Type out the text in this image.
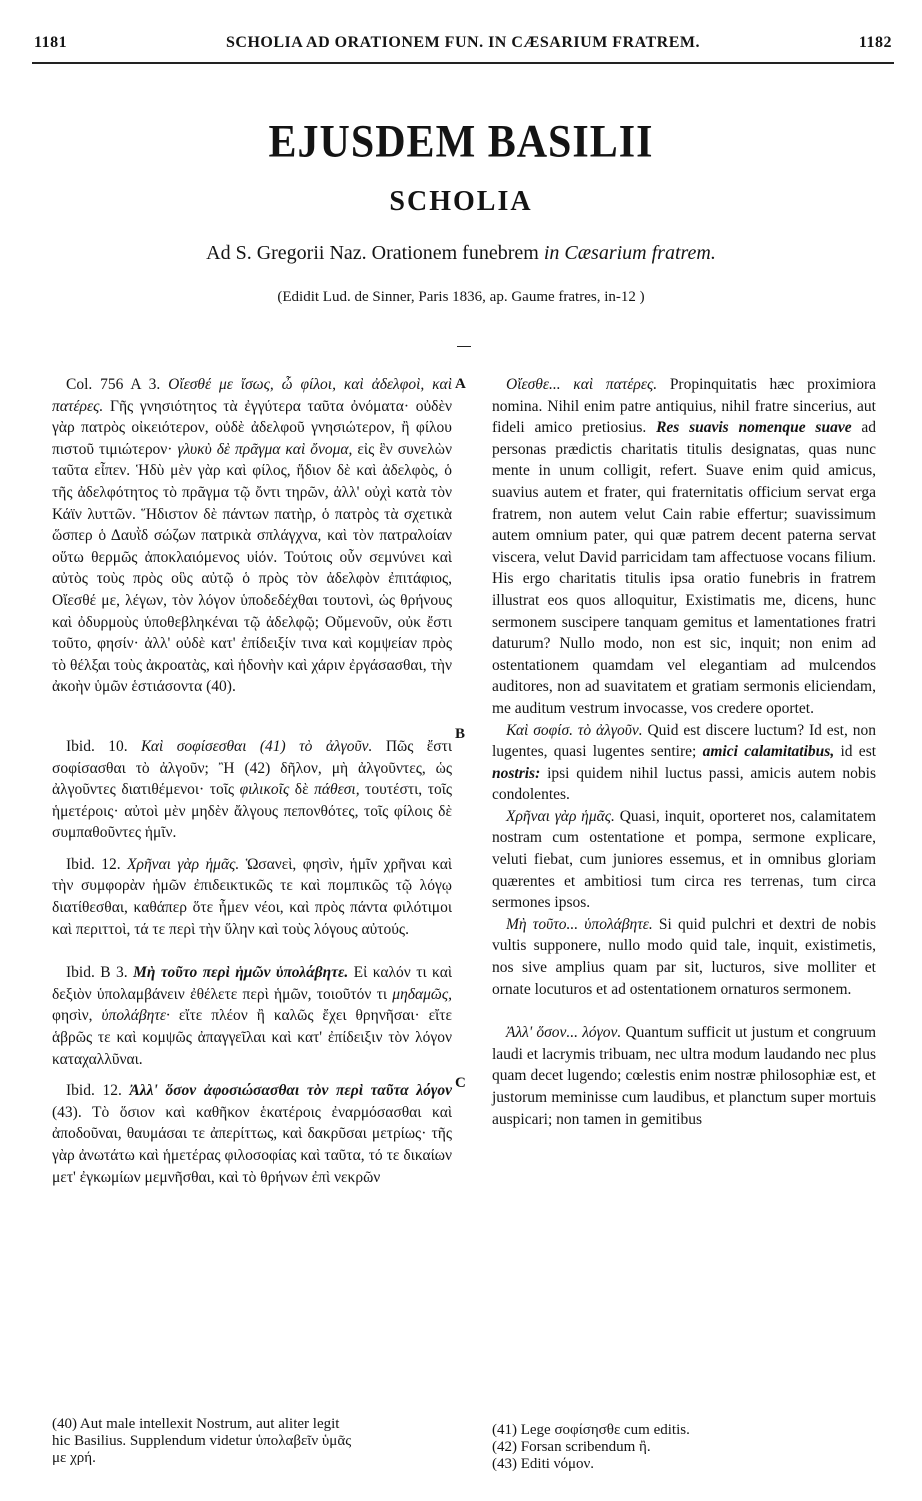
1181	SCHOLIA AD ORATIONEM FUN. IN CÆSARIUM FRATREM.	1182
EJUSDEM BASILII
SCHOLIA
Ad S. Gregorii Naz. Orationem funebrem in Cæsarium fratrem.
(Edidit Lud. de Sinner, Paris 1836, ap. Gaume fratres, in-12 )
A
B
C

Col. 756 A 3. Οἴεσθέ με ἴσως, ὦ φίλοι, καὶ ἀδελφοὶ, καὶ πατέρες. Γῆς γνησιότητος τὰ ἐγγύτερα ταῦτα ὀνόματα· οὐδὲν γὰρ πατρὸς οἰκειότερον, οὐδὲ ἀδελφοῦ γνησιώτερον, ἢ φίλου πιστοῦ τιμιώτερον· γλυκὺ δὲ πρᾶγμα καὶ ὄνομα, εἰς ἓν συνελὼν ταῦτα εἶπεν. Ἡδὺ μὲν γὰρ καὶ φίλος, ἥδιον δὲ καὶ ἀδελφὸς, ὁ τῆς ἀδελφότητος τὸ πρᾶγμα τῷ ὄντι τηρῶν, ἀλλ' οὐχὶ κατὰ τὸν Κάϊν λυττῶν. Ἥδιστον δὲ πάντων πατὴρ, ὁ πατρὸς τὰ σχετικὰ ὥσπερ ὁ Δαυῒδ σώζων πατρικὰ σπλάγχνα, καὶ τὸν πατραλοίαν οὕτω θερμῶς ἀποκλαιόμενος υἱόν. Τούτοις οὖν σεμνύνει καὶ αὐτὸς τοὺς πρὸς οὓς αὐτῷ ὁ πρὸς τὸν ἀδελφὸν ἐπιτάφιος, Οἴεσθέ με, λέγων, τὸν λόγον ὑποδεδέχθαι τουτονὶ, ὡς θρήνους καὶ ὀδυρμοὺς ὑποθεβληκέναι τῷ ἀδελφῷ; Οὔμενοῦν, οὐκ ἔστι τοῦτο, φησίν· ἀλλ' οὐδὲ κατ' ἐπίδειξίν τινα καὶ κομψείαν πρὸς τὸ θέλξαι τοὺς ἀκροατὰς, καὶ ἡδονὴν καὶ χάριν ἐργάσασθαι, τὴν ἀκοὴν ὑμῶν ἑστιάσοντα (40).

Ibid. 10. Καὶ σοφίσεσθαι (41) τὸ ἀλγοῦν. Πῶς ἔστι σοφίσασθαι τὸ ἀλγοῦν; Ἢ (42) δῆλον, μὴ ἀλγοῦντες, ὡς ἀλγοῦντες διατιθέμενοι· τοῖς φιλικοῖς δὲ πάθεσι, τουτέστι, τοῖς ἡμετέροις· αὐτοὶ μὲν μηδὲν ἄλγους πεπονθότες, τοῖς φίλοις δὲ συμπαθοῦντες ἡμῖν.

Ibid. 12. Χρῆναι γὰρ ἡμᾶς. Ὡσανεὶ, φησὶν, ἡμῖν χρῆναι καὶ τὴν συμφορὰν ἡμῶν ἐπιδεικτικῶς τε καὶ πομπικῶς τῷ λόγῳ διατίθεσθαι, καθάπερ ὅτε ἦμεν νέοι, καὶ πρὸς πάντα φιλότιμοι καὶ περιττοὶ, τά τε περὶ τὴν ὕλην καὶ τοὺς λόγους αὐτούς.

Ibid. B 3. Μὴ τοῦτο περὶ ἡμῶν ὑπολάβητε. Εἰ καλόν τι καὶ δεξιὸν ὑπολαμβάνειν ἐθέλετε περὶ ἡμῶν, τοιοῦτόν τι μηδαμῶς, φησὶν, ὑπολάβητε· εἴτε πλέον ἢ καλῶς ἔχει θρηνῆσαι· εἴτε ἁβρῶς τε καὶ κομψῶς ἀπαγγεῖλαι καὶ κατ' ἐπίδειξιν τὸν λόγον καταχαλλῦναι.

Ibid. 12. Ἀλλ' ὅσον ἀφοσιώσασθαι τὸν περὶ ταῦτα λόγον (43). Τὸ ὅσιον καὶ καθῆκον ἑκατέροις ἐναρμόσασθαι καὶ ἀποδοῦναι, θαυμάσαι τε ἀπερίττως, καὶ δακρῦσαι μετρίως· τῆς γὰρ ἀνωτάτω καὶ ἡμετέρας φιλοσοφίας καὶ ταῦτα, τό τε δικαίων μετ' ἐγκωμίων μεμνῆσθαι, καὶ τὸ θρήνων ἐπὶ νεκρῶν

Οἴεσθε... καὶ πατέρες. Propinquitatis hæc proximiora nomina. Nihil enim patre antiquius, nihil fratre sincerius, aut fideli amico pretiosius. Res suavis nomenque suave ad personas prædictis charitatis titulis designatas, quas nunc mente in unum colligit, refert. Suave enim quid amicus, suavius autem et frater, qui fraternitatis officium servat erga fratrem, non autem velut Cain rabie effertur; suavissimum autem omnium pater, qui quæ patrem decent paterna servat viscera, velut David parricidam tam affectuose vocans filium. His ergo charitatis titulis ipsa oratio funebris in fratrem illustrat eos quos alloquitur, Existimatis me, dicens, hunc sermonem suscipere tanquam gemitus et lamentationes fratri daturum? Nullo modo, non est sic, inquit; non enim ad ostentationem quamdam vel elegantiam ad mulcendos auditores, non ad suavitatem et gratiam sermonis eliciendam, me auditum vestrum invocasse, vos credere oportet.

Καὶ σοφίσ. τὸ ἀλγοῦν. Quid est discere luctum? Id est, non lugentes, quasi lugentes sentire; amici calamitatibus, id est nostris: ipsi quidem nihil luctus passi, amicis autem nobis condolentes.

Χρῆναι γὰρ ἡμᾶς. Quasi, inquit, oporteret nos, calamitatem nostram cum ostentatione et pompa, sermone explicare, veluti fiebat, cum juniores essemus, et in omnibus gloriam quærentes et ambitiosi tum circa res terrenas, tum circa sermones ipsos.

Μὴ τοῦτο... ὑπολάβητε. Si quid pulchri et dextri de nobis vultis supponere, nullo modo quid tale, inquit, existimetis, nos sive amplius quam par sit, lucturos, sive molliter et ornate locuturos et ad ostentationem ornaturos sermonem.

Ἀλλ' ὅσον... λόγον. Quantum sufficit ut justum et congruum laudi et lacrymis tribuam, nec ultra modum laudando nec plus quam decet lugendo; cœlestis enim nostræ philosophiæ est, et justorum meminisse cum laudibus, et planctum super mortuis auspicari; non tamen in gemitibus

(40) Aut male intellexit Nostrum, aut aliter legit
hic Basilius. Supplendum videtur ὑπολαβεῖν ὑμᾶς
με χρή.
(41) Lege σοφίσησθε cum editis.
(42) Forsan scribendum ἢ.
(43) Editi νόμον.
